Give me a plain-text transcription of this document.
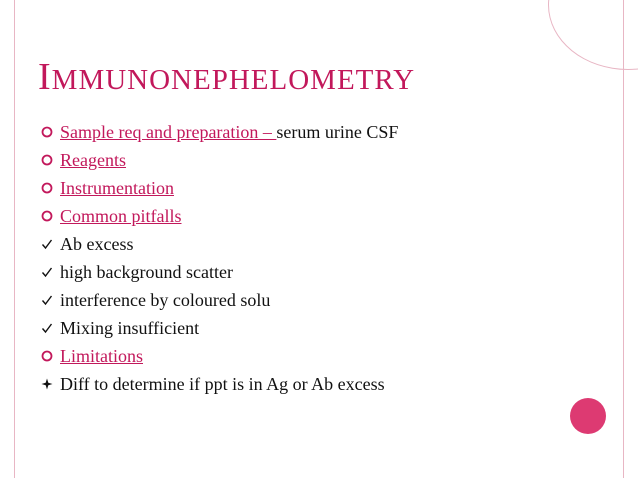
IMMUNONEPHELOMETRY
Sample req and preparation – serum urine CSF
Reagents
Instrumentation
Common pitfalls
Ab excess
high background scatter
interference by coloured solu
Mixing insufficient
Limitations
Diff to determine if ppt is in Ag or Ab excess
